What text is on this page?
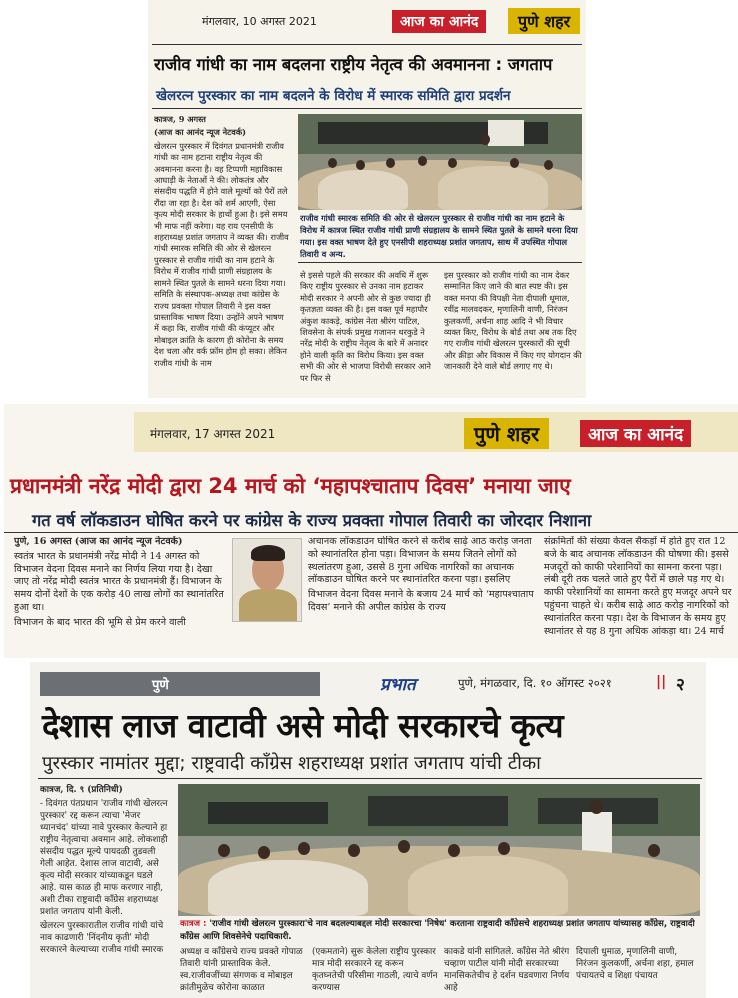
मंगलवार, 10 अगस्त 2021	आज का आनंद	पुणे शहर
राजीव गांधी का नाम बदलना राष्ट्रीय नेतृत्व की अवमानना : जगताप
खेलरत्न पुरस्कार का नाम बदलने के विरोध में स्मारक समिति द्वारा प्रदर्शन

कात्रज, 9 अगस्त

(आज का आनंद न्यूज नेटवर्क)

खेलरत्न पुरस्कार में दिवंगत प्रधानमंत्री राजीव गांधी का नाम हटाना राष्ट्रीय नेतृत्व की अवमानना करना है। वह टिप्पणी महाविकास आघाड़ी के नेताओं ने की। लोकतंत्र और संसदीय पद्धति में होने वाले मूल्यों को पैरों तले रौंदा जा रहा है। देश को शर्म आएगी, ऐसा कृत्य मोदी सरकार के हाथों हुआ है। इसे समय भी माफ नहीं करेगा। यह राय एनसीपी के शहराध्यक्ष प्रशांत जगताप ने व्यक्त की। राजीव गांधी स्मारक समिति की ओर से खेलरत्न पुरस्कार से राजीव गांधी का नाम हटाने के विरोध में राजीव गांधी प्राणी संग्रहालय के सामने स्थित पुतले के सामने धरना दिया गया। समिति के संस्थापक-अध्यक्ष तथा कांग्रेस के राज्य प्रवक्ता गोपाल तिवारी ने इस वक्त प्रास्ताविक भाषण दिया। उन्होंने अपने भाषण में कहा कि, राजीव गांधी की कंप्यूटर और मोबाइल क्रांति के कारण ही कोरोना के समय देश चला और वर्क फ्रॉम होम हो सका। लेकिन राजीव गांधी के नाम

राजीव गांधी स्मारक समिति की ओर से खेलरत्न पुरस्कार से राजीव गांधी का नाम हटाने के विरोध में कात्रज स्थित राजीव गांधी प्राणी संग्रहालय के सामने स्थित पुतले के सामने धरना दिया गया। इस वक्त भाषण देते हुए एनसीपी शहराध्यक्ष प्रशांत जगताप, साथ में उपस्थित गोपाल तिवारी व अन्य.

से इससे पहले की सरकार की अवधि में शुरू किए राष्ट्रीय पुरस्कार से उनका नाम हटाकर मोदी सरकार ने अपनी ओर से कुछ ज्यादा ही कृतज्ञता व्यक्त की है। इस वक्त पूर्व महापौर अंकुश काकड़े, कांग्रेस नेता श्रीरंग पाटिल, शिवसेना के संपर्क प्रमुख गजानन थरकुडे ने नरेंद्र मोदी के राष्ट्रीय नेतृत्व के बारे में अनादर होने वाली कृति का विरोध किया। इस वक्त सभी की ओर से भाजपा विरोधी सरकार आने पर फिर से

इस पुरस्कार को राजीव गांधी का नाम देकर सम्मानित किए जाने की बात स्पष्ट की। इस वक्त मनपा की विपक्षी नेता दीपाली धूमाल, रवींद्र मालवदकर, मृणालिनी वाणी, निरंजन कुलकर्णी, अर्चना शाह आदि ने भी विचार व्यक्त किए, विरोध के बोर्ड तथा अब तक दिए गए राजीव गांधी खेलरत्न पुरस्कारों की सूची और क्रीड़ा और विकास में किए गए योगदान की जानकारी देने वाले बोर्ड लगाए गए थे।

मंगलवार, 17 अगस्त 2021	पुणे शहर	आज का आनंद
प्रधानमंत्री नरेंद्र मोदी द्वारा 24 मार्च को ‘महापश्चाताप दिवस’ मनाया जाए
गत वर्ष लॉकडाउन घोषित करने पर कांग्रेस के राज्य प्रवक्ता गोपाल तिवारी का जोरदार निशाना

पुणे, 16 अगस्त (आज का आनंद न्यूज नेटवर्क)

स्वतंत्र भारत के प्रधानमंत्री नरेंद्र मोदी ने 14 अगस्त को विभाजन वेदना दिवस मनाने का निर्णय लिया गया है। देखा जाए तो नरेंद्र मोदी स्वतंत्र भारत के प्रधानमंत्री हैं। विभाजन के समय दोनों देशों के एक करोड़ 40 लाख लोगों का स्थानांतरित हुआ था।

विभाजन के बाद भारत की भूमि से प्रेम करने वाली

अचानक लॉकडाउन घोषित करने से करीब साढ़े आठ करोड़ जनता को स्थानांतरित होना पड़ा। विभाजन के समय जितने लोगों को स्थलांतरण हुआ, उससे 8 गुना अधिक नागरिकों का अचानक लॉकडाउन घोषित करने पर स्थानांतरित करना पड़ा। इसलिए

विभाजन वेदना दिवस मनाने के बजाय 24 मार्च को ‘महापश्चाताप दिवस’ मनाने की अपील कांग्रेस के राज्य

संक्रमितों की संख्या केवल सैकड़ों में होते हुए रात 12 बजे के बाद अचानक लॉकडाउन की घोषणा की। इससे मजदूरों को काफी परेशानियों का सामना करना पड़ा। लंबी दूरी तक चलते जाते हुए पैरों में छाले पड़ गए थे। काफी परेशानियों का सामना करते हुए मजदूर अपने घर पहुंचना चाहते थे। करीब साढ़े आठ करोड़ नागरिकों को स्थानांतरित करना पड़ा। देश के विभाजन के समय हुए स्थानांतर से यह 8 गुना अधिक आंकड़ा था। 24 मार्च

पुणे	प्रभात	पुणे, मंगळवार, दि. १० ऑगस्ट २०२१	|| २
देशास लाज वाटावी असे मोदी सरकारचे कृत्य
पुरस्कार नामांतर मुद्दा; राष्ट्रवादी काँग्रेस शहराध्यक्ष प्रशांत जगताप यांची टीका

कात्रज, दि. ९ (प्रतिनिधी)

- दिवंगत पंतप्रधान 'राजीव गांधी खेलरत्न पुरस्कार' रद्द करून त्याचा 'मेजर ध्यानचंद' यांच्या नावे पुरस्कार केल्याने हा राष्ट्रीय नेतृत्वाचा अवमान आहे. लोकशाही संसदीय पद्धत मूल्ये पायदळी तुडवली गेली आहेत. देशास लाज वाटावी, असे कृत्य मोदी सरकार यांच्याकडून घडले आहे. यास काळ ही माफ करणार नाही, अशी टीका राष्ट्रवादी काँग्रेस शहराध्यक्ष प्रशांत जगताप यांनी केली.

खेलरत्न पुरस्कारातील राजीव गांधी यांचे नाव काढणारी 'निंदनीय कृती' मोदी सरकारने केल्याच्या राजीव गांधी स्मारक

कात्रज : 'राजीव गांधी खेलरत्न पुरस्कारा'चे नाव बदलल्याबद्दल मोदी सरकारचा 'निषेध' करताना राष्ट्रवादी काँग्रेसचे शहराध्यक्ष प्रशांत जगताप यांच्यासह काँग्रेस, राष्ट्रवादी काँग्रेस आणि शिवसेनेचे पदाधिकारी.

अध्यक्ष व काँग्रेसचे राज्य प्रवक्ते गोपाळ तिवारी यांनी प्रास्ताविक केले. स्व.राजीवजींच्या संगणक व मोबाइल क्रांतीमुळेच कोरोना काळात

(एकमताने) सुरू केलेला राष्ट्रीय पुरस्कार मात्र मोदी सरकारने रद्द करून कृतघ्नतेची परिसीमा गाठली, त्याचे वर्णन करण्यास

काकडे यांनी सांगितले. काँग्रेस नेते श्रीरंग चव्हाण पाटील यांनी मोदी सरकारच्या मानसिकतेचीच हे दर्शन घडवणारा निर्णय आहे

दिपाली धुमाळ, मृणालिनी वाणी, निरंजन कुलकर्णी, अर्चना शहा, हमाल पंचायतचे व शिक्षा पंचायत
